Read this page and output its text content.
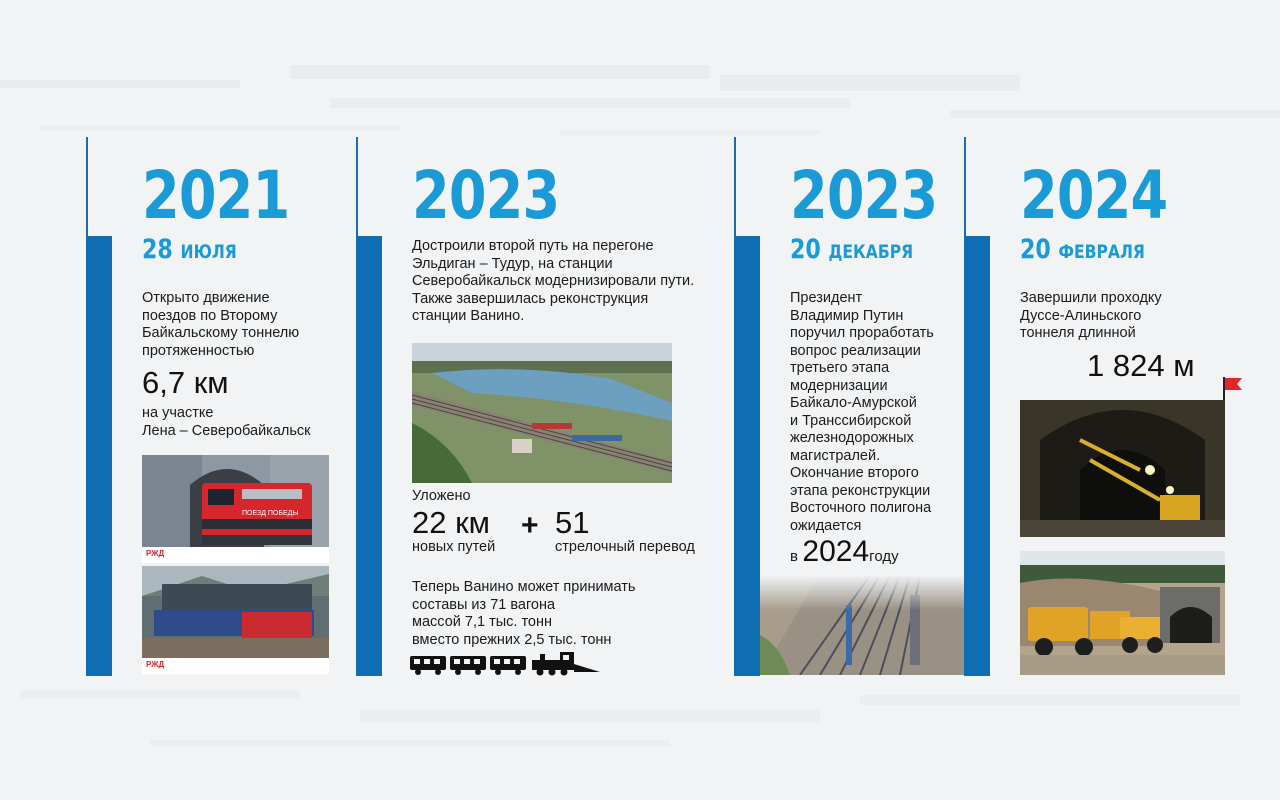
2021
28 ИЮЛЯ
Открыто движение
поездов по Второму
Байкальскому тоннелю
протяженностью
6,7 км
на участке
Лена – Северобайкальск
ПОЕЗД ПОБЕДЫ
РЖД
РЖД
2023
Достроили второй путь на перегоне
Эльдиган – Тудур, на станции
Северобайкальск модернизировали пути.
Также завершилась реконструкция
станции Ванино.
Уложено
22 км
новых путей
+ 51
стрелочный перевод
Теперь Ванино может принимать
составы из 71 вагона
массой 7,1 тыс. тонн
вместо прежних 2,5 тыс. тонн
2023
20 ДЕКАБРЯ
Президент
Владимир Путин
поручил проработать
вопрос реализации
третьего этапа
модернизации
Байкало-Амурской
и Транссибирской
железнодорожных
магистралей.
Окончание второго
этапа реконструкции
Восточного полигона
ожидается
в 2024году
2024
20 ФЕВРАЛЯ
Завершили проходку
Дуссе-Алиньского
тоннеля длинной
1 824 м
